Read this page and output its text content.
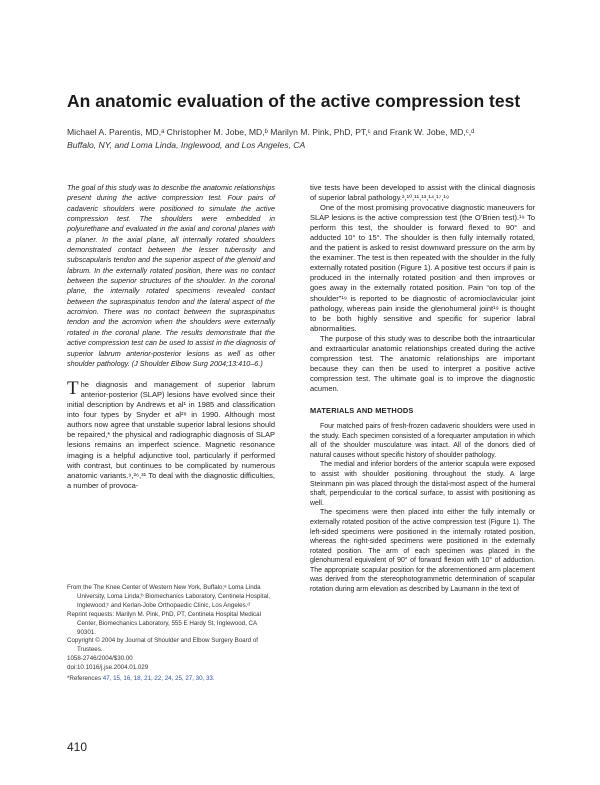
An anatomic evaluation of the active compression test
Michael A. Parentis, MD,ᵃ Christopher M. Jobe, MD,ᵇ Marilyn M. Pink, PhD, PT,ᶜ and Frank W. Jobe, MD,ᶜ,ᵈ
Buffalo, NY, and Loma Linda, Inglewood, and Los Angeles, CA

The goal of this study was to describe the anatomic relationships present during the active compression test. Four pairs of cadaveric shoulders were positioned to simulate the active compression test. The shoulders were embedded in polyurethane and evaluated in the axial and coronal planes with a planer. In the axial plane, all internally rotated shoulders demonstrated contact between the lesser tuberosity and subscapularis tendon and the superior aspect of the glenoid and labrum. In the externally rotated position, there was no contact between the superior structures of the shoulder. In the coronal plane, the internally rotated specimens revealed contact between the supraspinatus tendon and the lateral aspect of the acromion. There was no contact between the supraspinatus tendon and the acromion when the shoulders were externally rotated in the coronal plane. The results demonstrate that the active compression test can be used to assist in the diagnosis of superior labrum anterior-posterior lesions as well as other shoulder pathology. (J Shoulder Elbow Surg 2004;13:410–6.)

The diagnosis and management of superior labrum anterior-posterior (SLAP) lesions have evolved since their initial description by Andrews et al¹ in 1985 and classification into four types by Snyder et al²⁸ in 1990. Although most authors now agree that unstable superior labral lesions should be repaired,* the physical and radiographic diagnosis of SLAP lesions remains an imperfect science. Magnetic resonance imaging is a helpful adjunctive tool, particularly if performed with contrast, but continues to be complicated by numerous anatomic variants.⁹,²⁶,³¹ To deal with the diagnostic difficulties, a number of provoca-

From the The Knee Center of Western New York, Buffalo;ᵃ Loma Linda University, Loma Linda;ᵇ Biomechanics Laboratory, Centinela Hospital, Inglewood;ᶜ and Kerlan-Jobe Orthopaedic Clinic, Los Angeles.ᵈ

Reprint requests: Marilyn M. Pink, PhD, PT, Centinela Hospital Medical Center, Biomechanics Laboratory, 555 E Hardy St, Inglewood, CA 90301.

Copyright © 2004 by Journal of Shoulder and Elbow Surgery Board of Trustees.

1058-2746/2004/$30.00

doi:10.1016/j.jse.2004.01.029

*References 47, 15, 16, 18, 21, 22, 24, 25, 27, 30, 33.

tive tests have been developed to assist with the clinical diagnosis of superior labral pathology.²,¹⁰,¹¹,¹³,¹⁴,¹⁷,¹⁹

One of the most promising provocative diagnostic maneuvers for SLAP lesions is the active compression test (the O’Brien test).¹⁹ To perform this test, the shoulder is forward flexed to 90° and adducted 10° to 15°. The shoulder is then fully internally rotated, and the patient is asked to resist downward pressure on the arm by the examiner. The test is then repeated with the shoulder in the fully externally rotated position (Figure 1). A positive test occurs if pain is produced in the internally rotated position and then improves or goes away in the externally rotated position. Pain “on top of the shoulder”¹⁹ is reported to be diagnostic of acromioclavicular joint pathology, whereas pain inside the glenohumeral joint¹⁹ is thought to be both highly sensitive and specific for superior labral abnormalities.

The purpose of this study was to describe both the intraarticular and extraarticular anatomic relationships created during the active compression test. The anatomic relationships are important because they can then be used to interpret a positive active compression test. The ultimate goal is to improve the diagnostic acumen.

MATERIALS AND METHODS

Four matched pairs of fresh-frozen cadaveric shoulders were used in the study. Each specimen consisted of a forequarter amputation in which all of the shoulder musculature was intact. All of the donors died of natural causes without specific history of shoulder pathology.

The medial and inferior borders of the anterior scapula were exposed to assist with shoulder positioning throughout the study. A large Steinmann pin was placed through the distal-most aspect of the humeral shaft, perpendicular to the cortical surface, to assist with positioning as well.

The specimens were then placed into either the fully internally or externally rotated position of the active compression test (Figure 1). The left-sided specimens were positioned in the internally rotated position, whereas the right-sided specimens were positioned in the externally rotated position. The arm of each specimen was placed in the glenohumeral equivalent of 90° of forward flexion with 10° of adduction. The appropriate scapular position for the aforementioned arm placement was derived from the stereophotogrammetric determination of scapular rotation during arm elevation as described by Laumann in the text of

410
